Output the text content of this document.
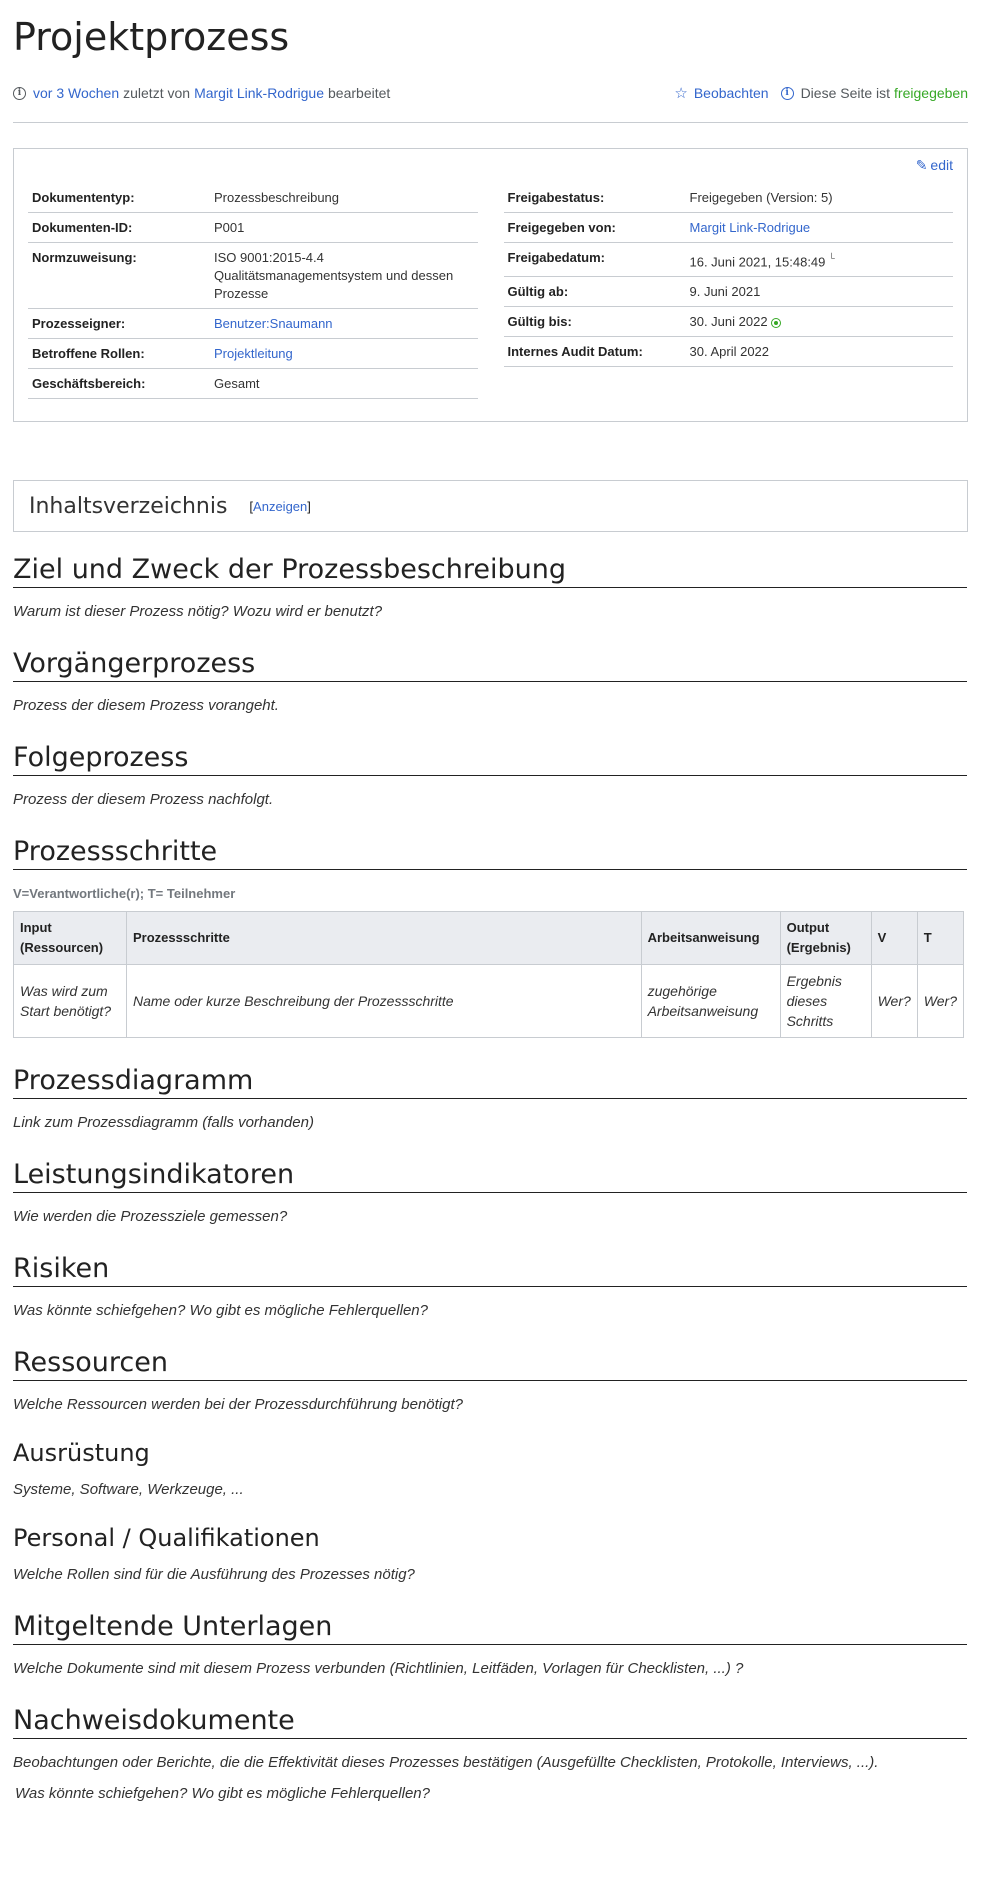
Projektprozess
i vor 3 Wochen zuletzt von Margit Link-Rodrigue bearbeitet	☆ Beobachten	i Diese Seite ist freigegeben
✎ edit
Dokumententyp:	Prozessbeschreibung
Dokumenten-ID:	P001
Normzuweisung:	ISO 9001:2015-4.4 Qualitätsmanagementsystem und dessen Prozesse
Prozesseigner:	Benutzer:Snaumann
Betroffene Rollen:	Projektleitung
Geschäftsbereich:	Gesamt
Freigabestatus:	Freigegeben (Version: 5)
Freigegeben von:	Margit Link-Rodrigue
Freigabedatum:	16. Juni 2021, 15:48:49 └
Gültig ab:	9. Juni 2021
Gültig bis:	30. Juni 2022
Internes Audit Datum:	30. April 2022
Inhaltsverzeichnis [Anzeigen]
Ziel und Zweck der Prozessbeschreibung

Warum ist dieser Prozess nötig? Wozu wird er benutzt?

Vorgängerprozess

Prozess der diesem Prozess vorangeht.

Folgeprozess

Prozess der diesem Prozess nachfolgt.

Prozessschritte

V=Verantwortliche(r); T= Teilnehmer

Input (Ressourcen)	Prozessschritte	Arbeitsanweisung	Output (Ergebnis)	V	T
Was wird zum Start benötigt?	Name oder kurze Beschreibung der Prozessschritte	zugehörige Arbeitsanweisung	Ergebnis dieses Schritts	Wer?	Wer?
Prozessdiagramm

Link zum Prozessdiagramm (falls vorhanden)

Leistungsindikatoren

Wie werden die Prozessziele gemessen?

Risiken

Was könnte schiefgehen? Wo gibt es mögliche Fehlerquellen?

Ressourcen

Welche Ressourcen werden bei der Prozessdurchführung benötigt?

Ausrüstung

Systeme, Software, Werkzeuge, ...

Personal / Qualifikationen

Welche Rollen sind für die Ausführung des Prozesses nötig?

Mitgeltende Unterlagen

Welche Dokumente sind mit diesem Prozess verbunden (Richtlinien, Leitfäden, Vorlagen für Checklisten, ...) ?

Nachweisdokumente

Beobachtungen oder Berichte, die die Effektivität dieses Prozesses bestätigen (Ausgefüllte Checklisten, Protokolle, Interviews, ...).

Was könnte schiefgehen? Wo gibt es mögliche Fehlerquellen?
